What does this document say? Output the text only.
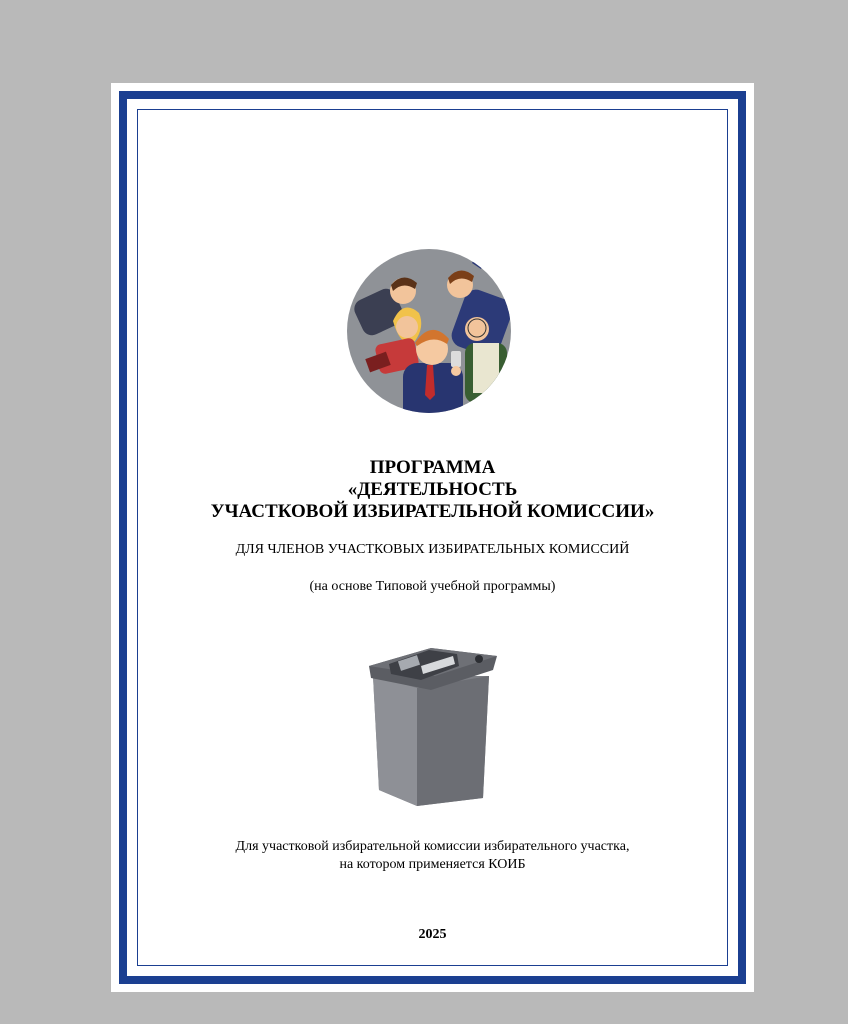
ПРОГРАММА
«ДЕЯТЕЛЬНОСТЬ
УЧАСТКОВОЙ ИЗБИРАТЕЛЬНОЙ КОМИССИИ»
ДЛЯ ЧЛЕНОВ УЧАСТКОВЫХ ИЗБИРАТЕЛЬНЫХ КОМИССИЙ
(на основе Типовой учебной программы)
Для участковой избирательной комиссии избирательного участка,
на котором применяется КОИБ
2025
